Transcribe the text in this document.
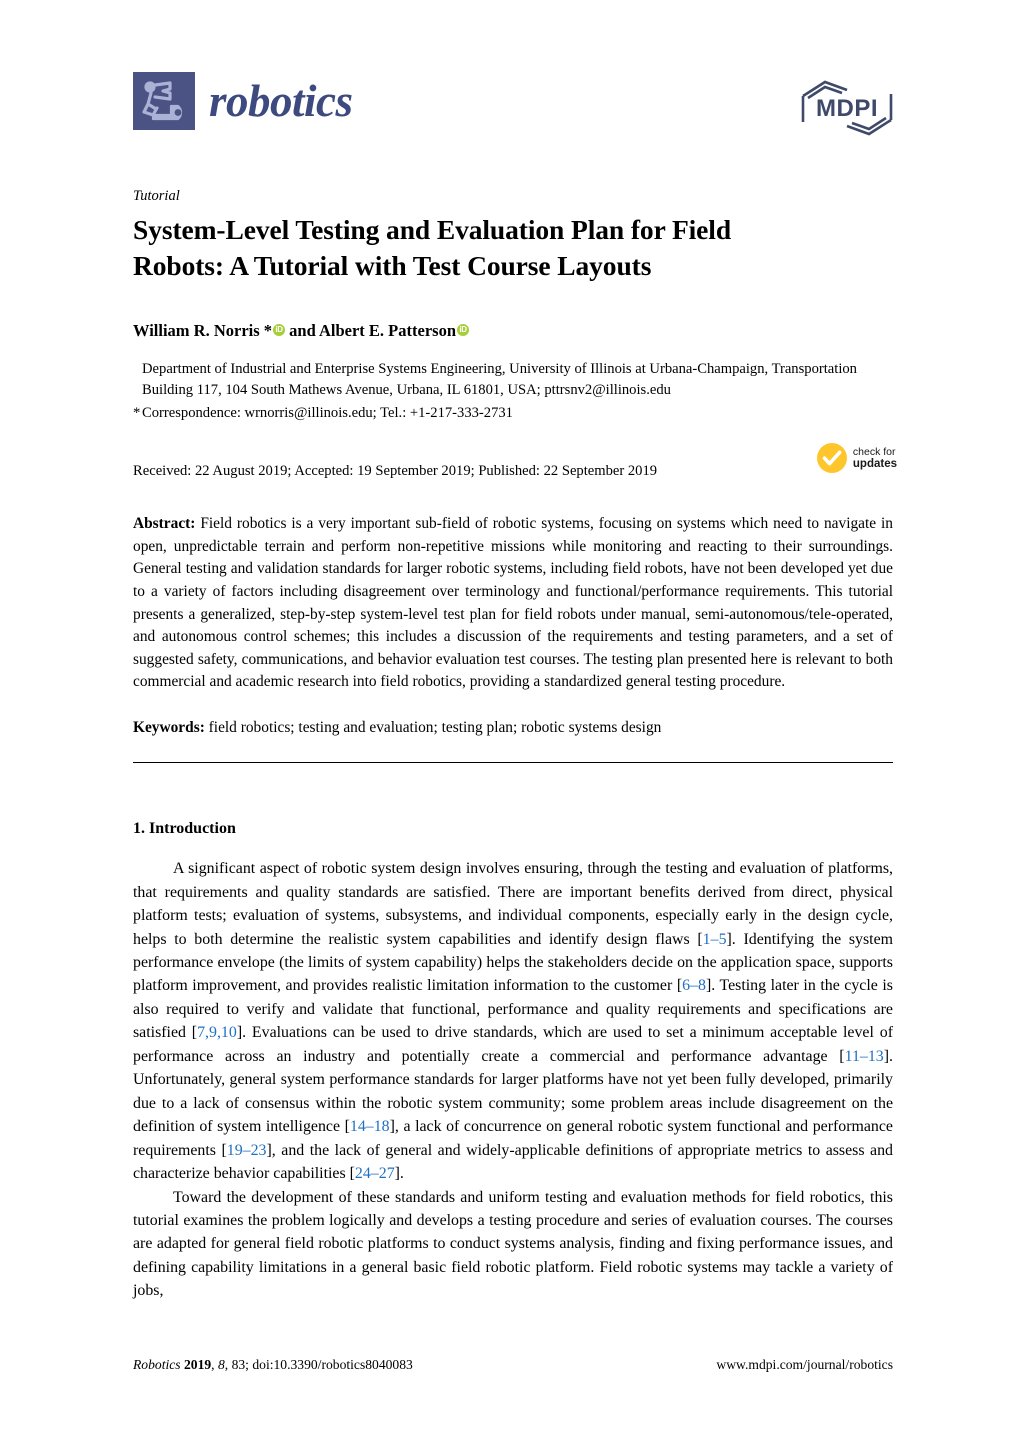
robotics	MDPI
Tutorial
System-Level Testing and Evaluation Plan for Field
Robots: A Tutorial with Test Course Layouts
William R. Norris * iD and Albert E. Patterson iD
Department of Industrial and Enterprise Systems Engineering, University of Illinois at Urbana-Champaign, Transportation Building 117, 104 South Mathews Avenue, Urbana, IL 61801, USA; pttrsnv2@illinois.edu
* Correspondence: wrnorris@illinois.edu; Tel.: +1-217-333-2731
Received: 22 August 2019; Accepted: 19 September 2019; Published: 22 September 2019
check for
updates
Abstract: Field robotics is a very important sub-field of robotic systems, focusing on systems which need to navigate in open, unpredictable terrain and perform non-repetitive missions while monitoring and reacting to their surroundings. General testing and validation standards for larger robotic systems, including field robots, have not been developed yet due to a variety of factors including disagreement over terminology and functional/performance requirements. This tutorial presents a generalized, step-by-step system-level test plan for field robots under manual, semi-autonomous/tele-operated, and autonomous control schemes; this includes a discussion of the requirements and testing parameters, and a set of suggested safety, communications, and behavior evaluation test courses. The testing plan presented here is relevant to both commercial and academic research into field robotics, providing a standardized general testing procedure.
Keywords: field robotics; testing and evaluation; testing plan; robotic systems design
1. Introduction

A significant aspect of robotic system design involves ensuring, through the testing and evaluation of platforms, that requirements and quality standards are satisfied. There are important benefits derived from direct, physical platform tests; evaluation of systems, subsystems, and individual components, especially early in the design cycle, helps to both determine the realistic system capabilities and identify design flaws [1–5]. Identifying the system performance envelope (the limits of system capability) helps the stakeholders decide on the application space, supports platform improvement, and provides realistic limitation information to the customer [6–8]. Testing later in the cycle is also required to verify and validate that functional, performance and quality requirements and specifications are satisfied [7,9,10]. Evaluations can be used to drive standards, which are used to set a minimum acceptable level of performance across an industry and potentially create a commercial and performance advantage [11–13]. Unfortunately, general system performance standards for larger platforms have not yet been fully developed, primarily due to a lack of consensus within the robotic system community; some problem areas include disagreement on the definition of system intelligence [14–18], a lack of concurrence on general robotic system functional and performance requirements [19–23], and the lack of general and widely-applicable definitions of appropriate metrics to assess and characterize behavior capabilities [24–27].

Toward the development of these standards and uniform testing and evaluation methods for field robotics, this tutorial examines the problem logically and develops a testing procedure and series of evaluation courses. The courses are adapted for general field robotic platforms to conduct systems analysis, finding and fixing performance issues, and defining capability limitations in a general basic field robotic platform. Field robotic systems may tackle a variety of jobs,

Robotics 2019, 8, 83; doi:10.3390/robotics8040083	www.mdpi.com/journal/robotics
